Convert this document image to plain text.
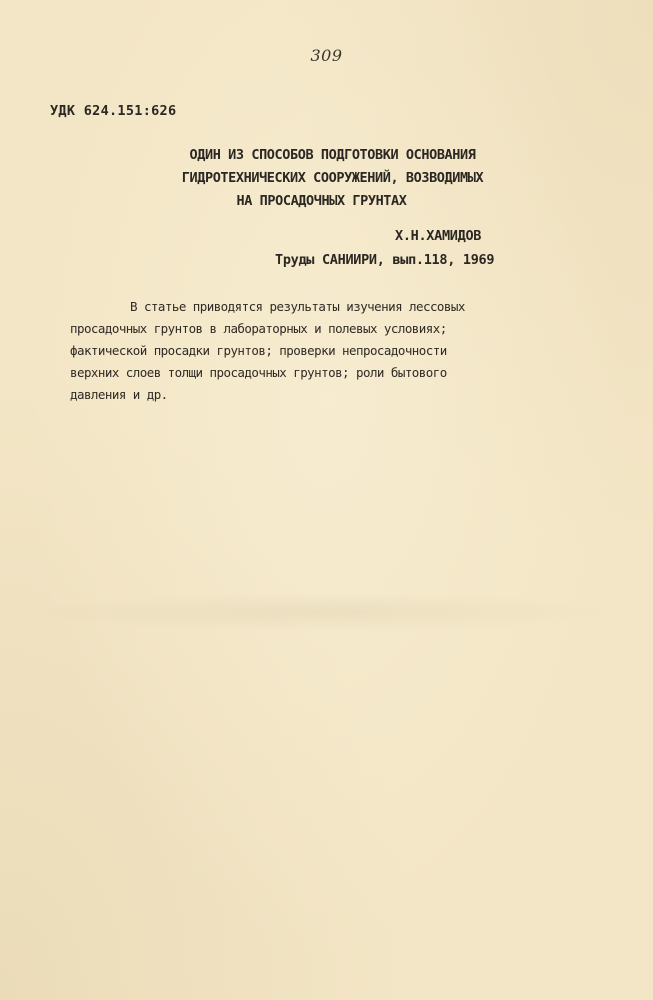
309
УДК 624.151:626
ОДИН ИЗ СПОСОБОВ ПОДГОТОВКИ ОСНОВАНИЯ
ГИДРОТЕХНИЧЕСКИХ СООРУЖЕНИЙ, ВОЗВОДИМЫХ
НА ПРОСАДОЧНЫХ ГРУНТАХ
Х.Н.ХАМИДОВ
Труды САНИИРИ, вып.118, 1969
В статье приводятся результаты изучения лессовых
просадочных грунтов в лабораторных и полевых условиях;
фактической просадки грунтов; проверки непросадочности
верхних слоев толщи просадочных грунтов; роли бытового
давления и др.
